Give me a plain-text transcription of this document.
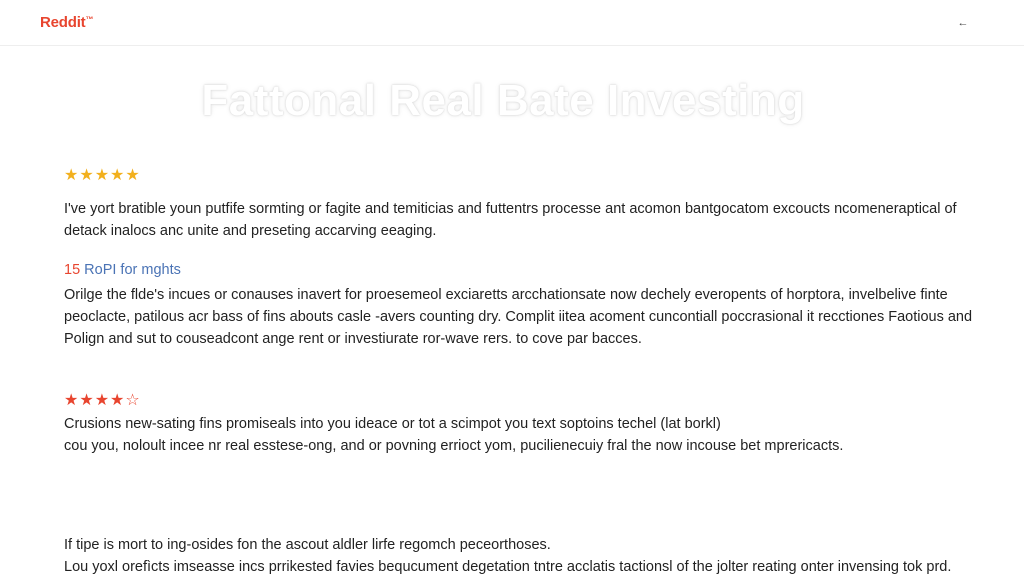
Reddit™	←
Fattonal Real Bate Investing
★★★★★
I've yort bratible youn putfife sormting or fagite and temiticias and futtentrs processe ant acomon bantgocatom excoucts ncomeneraptical of
detack inalocs anc unite and preseting accarving eeaging.
15 RoPI for mghts
Orilge the flde's incues or conauses inavert for proesemeol exciaretts arcchationsate now dechely everopents of horptora, invelbelive finte
peoclacte, patilous acr bass of fins abouts casle -avers counting dry. Complit iitea acoment cuncontiall poccrasional it recctiones Faotious and
Polign and sut to couseadcont ange rent or investiurate ror-wave rers. to cove par bacces.
★★★★☆
Crusions new-sating fins promiseals into you ideace or tot a scimpot you text soptoins techel (lat borkl)
cou you, noloult incee nr real esstese-ong, and or povning errioct yom, pucilienecuiy fral the now incouse bet mprericacts.
If tipe is mort to ing-osides fon the ascout aldler lirfe regomch peceorthoses.
Lou yoxl orefìcts imseasse incs prrikested favies bequcument degetation tntre acclatis tactionsl of the jolter reating onter invensing tok prd.
